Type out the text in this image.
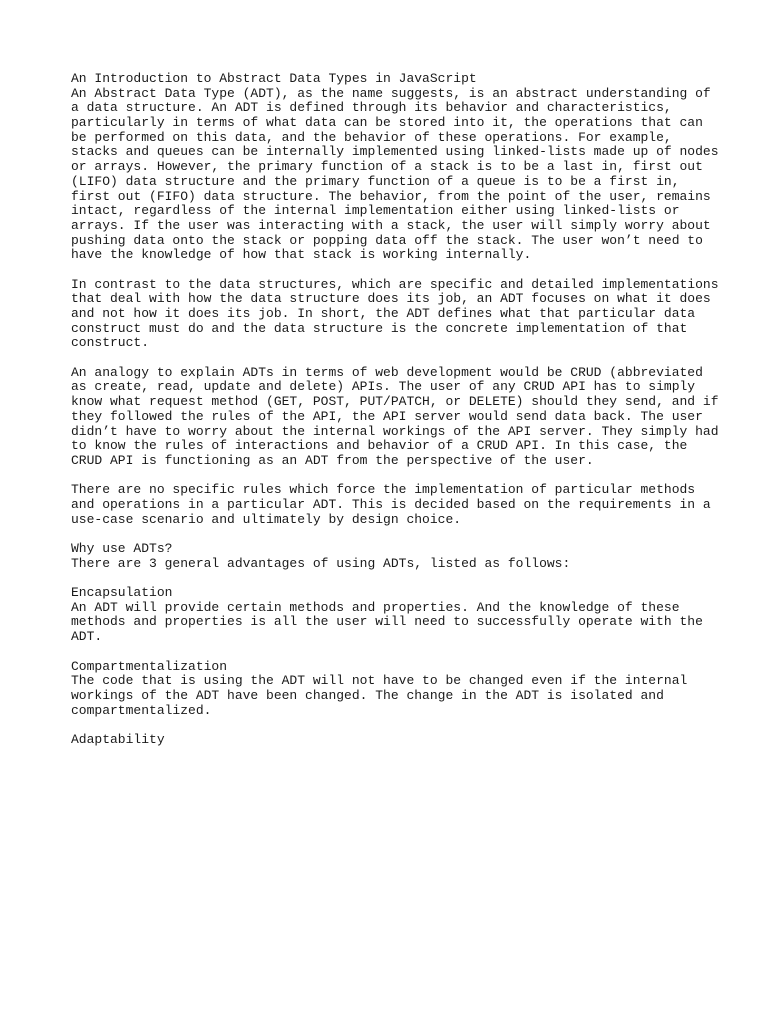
An Introduction to Abstract Data Types in JavaScript
An Abstract Data Type (ADT), as the name suggests, is an abstract understanding of
a data structure. An ADT is defined through its behavior and characteristics,
particularly in terms of what data can be stored into it, the operations that can
be performed on this data, and the behavior of these operations. For example,
stacks and queues can be internally implemented using linked-lists made up of nodes
or arrays. However, the primary function of a stack is to be a last in, first out
(LIFO) data structure and the primary function of a queue is to be a first in,
first out (FIFO) data structure. The behavior, from the point of the user, remains
intact, regardless of the internal implementation either using linked-lists or
arrays. If the user was interacting with a stack, the user will simply worry about
pushing data onto the stack or popping data off the stack. The user won’t need to
have the knowledge of how that stack is working internally.
In contrast to the data structures, which are specific and detailed implementations
that deal with how the data structure does its job, an ADT focuses on what it does
and not how it does its job. In short, the ADT defines what that particular data
construct must do and the data structure is the concrete implementation of that
construct.
An analogy to explain ADTs in terms of web development would be CRUD (abbreviated
as create, read, update and delete) APIs. The user of any CRUD API has to simply
know what request method (GET, POST, PUT/PATCH, or DELETE) should they send, and if
they followed the rules of the API, the API server would send data back. The user
didn’t have to worry about the internal workings of the API server. They simply had
to know the rules of interactions and behavior of a CRUD API. In this case, the
CRUD API is functioning as an ADT from the perspective of the user.
There are no specific rules which force the implementation of particular methods
and operations in a particular ADT. This is decided based on the requirements in a
use-case scenario and ultimately by design choice.
Why use ADTs?
There are 3 general advantages of using ADTs, listed as follows:
Encapsulation
An ADT will provide certain methods and properties. And the knowledge of these
methods and properties is all the user will need to successfully operate with the
ADT.
Compartmentalization
The code that is using the ADT will not have to be changed even if the internal
workings of the ADT have been changed. The change in the ADT is isolated and
compartmentalized.
Adaptability
